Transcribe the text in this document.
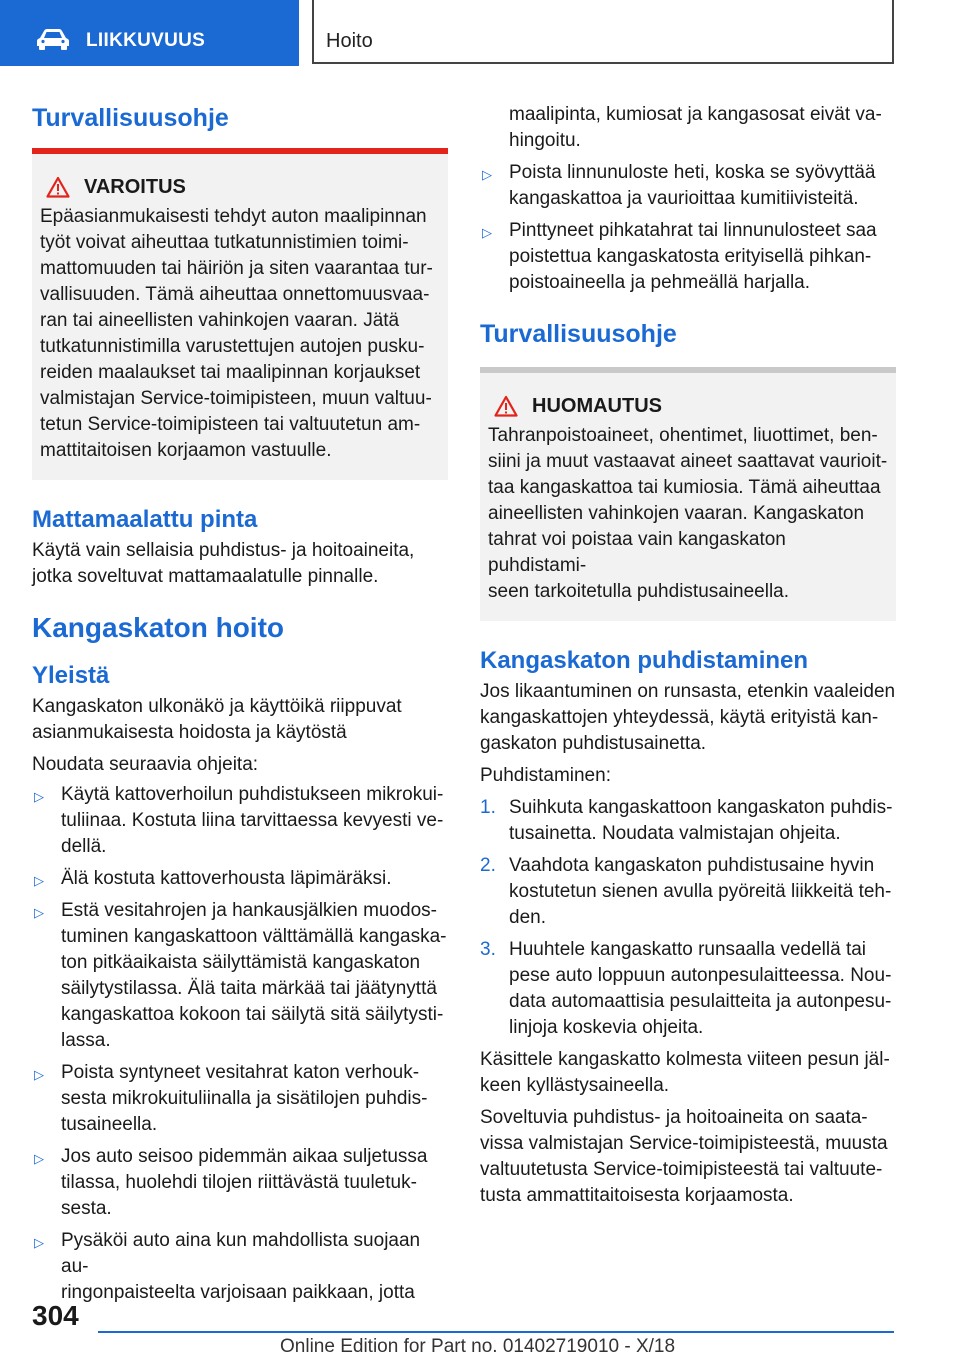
LIIKKUVUUS	Hoito
Turvallisuusohje
VAROITUS
Epäasianmukaisesti tehdyt auton maalipinnan
työt voivat aiheuttaa tutkatunnistimien toimi-
mattomuuden tai häiriön ja siten vaarantaa tur-
vallisuuden. Tämä aiheuttaa onnettomuusvaa-
ran tai aineellisten vahinkojen vaaran. Jätä
tutkatunnistimilla varustettujen autojen pusku-
reiden maalaukset tai maalipinnan korjaukset
valmistajan Service-toimipisteen, muun valtuu-
tetun Service-toimipisteen tai valtuutetun am-
mattitaitoisen korjaamon vastuulle.
Mattamaalattu pinta

Käytä vain sellaisia puhdistus- ja hoitoaineita,
jotka soveltuvat mattamaalatulle pinnalle.

Kangaskaton hoito
Yleistä

Kangaskaton ulkonäkö ja käyttöikä riippuvat
asianmukaisesta hoidosta ja käytöstä

Noudata seuraavia ohjeita:

▷ Käytä kattoverhoilun puhdistukseen mikrokui-
tuliinaa. Kostuta liina tarvittaessa kevyesti ve-
dellä.
▷ Älä kostuta kattoverhousta läpimäräksi.
▷ Estä vesitahrojen ja hankausjälkien muodos-
tuminen kangaskattoon välttämällä kangaska-
ton pitkäaikaista säilyttämistä kangaskaton
säilytystilassa. Älä taita märkää tai jäätynyttä
kangaskattoa kokoon tai säilytä sitä säilytysti-
lassa.
▷ Poista syntyneet vesitahrat katon verhouk-
sesta mikrokuituliinalla ja sisätilojen puhdis-
tusaineella.
▷ Jos auto seisoo pidemmän aikaa suljetussa
tilassa, huolehdi tilojen riittävästä tuuletuk-
sesta.
▷ Pysäköi auto aina kun mahdollista suojaan au-
ringonpaisteelta varjoisaan paikkaan, jotta
maalipinta, kumiosat ja kangasosat eivät va-
hingoitu.
▷ Poista linnunuloste heti, koska se syövyttää
kangaskattoa ja vaurioittaa kumitiivisteitä.
▷ Pinttyneet pihkatahrat tai linnunulosteet saa
poistettua kangaskatosta erityisellä pihkan-
poistoaineella ja pehmeällä harjalla.
Turvallisuusohje
HUOMAUTUS
Tahranpoistoaineet, ohentimet, liuottimet, ben-
siini ja muut vastaavat aineet saattavat vaurioit-
taa kangaskattoa tai kumiosia. Tämä aiheuttaa
aineellisten vahinkojen vaaran. Kangaskaton
tahrat voi poistaa vain kangaskaton puhdistami-
seen tarkoitetulla puhdistusaineella.
Kangaskaton puhdistaminen

Jos likaantuminen on runsasta, etenkin vaaleiden
kangaskattojen yhteydessä, käytä erityistä kan-
gaskaton puhdistusainetta.

Puhdistaminen:

1. Suihkuta kangaskattoon kangaskaton puhdis-
tusainetta. Noudata valmistajan ohjeita.
2. Vaahdota kangaskaton puhdistusaine hyvin
kostutetun sienen avulla pyöreitä liikkeitä teh-
den.
3. Huuhtele kangaskatto runsaalla vedellä tai
pese auto loppuun autonpesulaitteessa. Nou-
data automaattisia pesulaitteita ja autonpesu-
linjoja koskevia ohjeita.

Käsittele kangaskatto kolmesta viiteen pesun jäl-
keen kyllästysaineella.

Soveltuvia puhdistus- ja hoitoaineita on saata-
vissa valmistajan Service-toimipisteestä, muusta
valtuutetusta Service-toimipisteestä tai valtuute-
tusta ammattitaitoisesta korjaamosta.

304
Online Edition for Part no. 01402719010 - X/18
